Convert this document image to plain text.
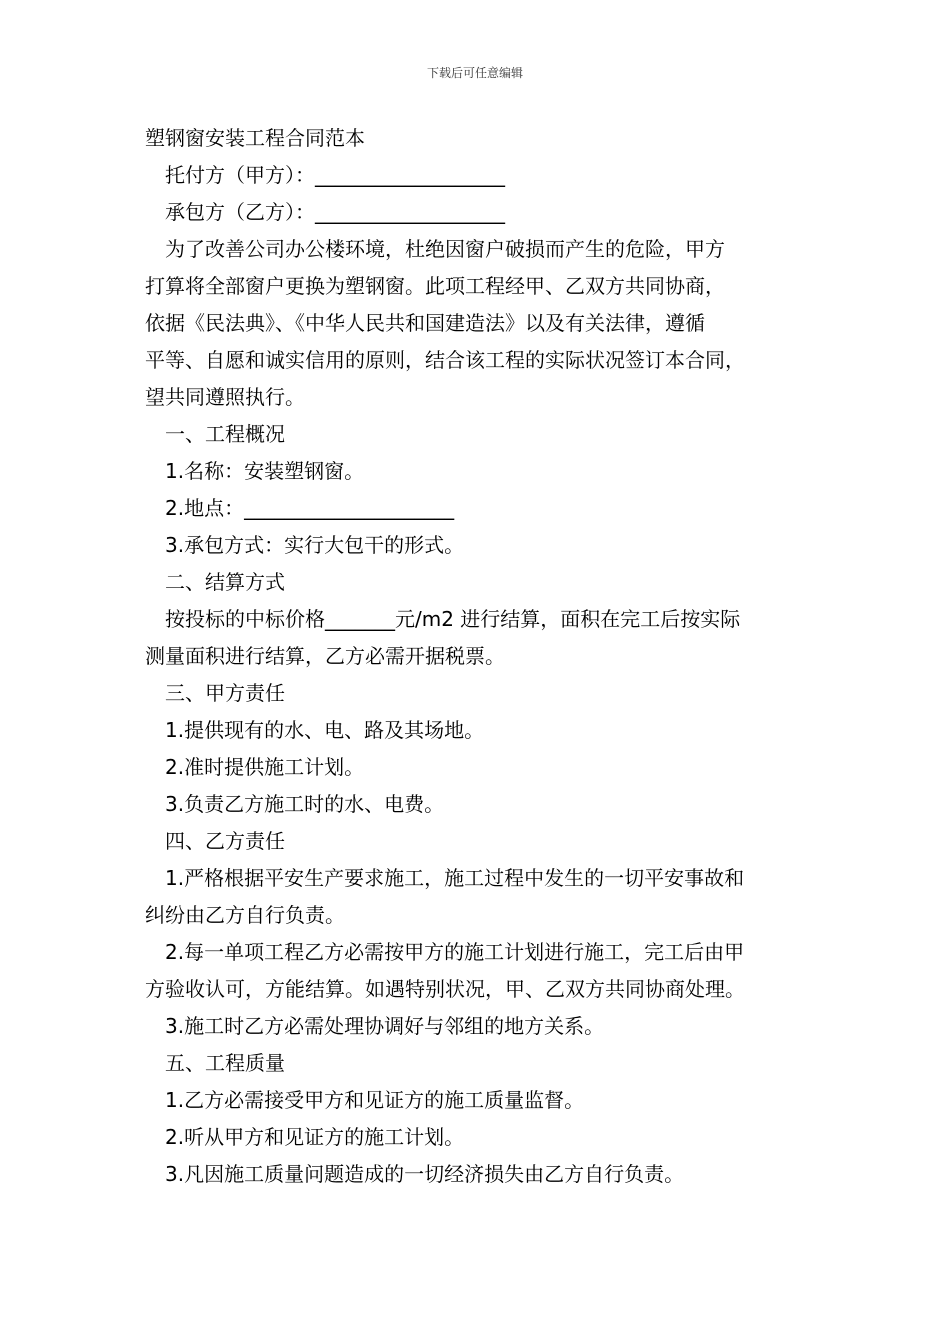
下载后可任意编辑
塑钢窗安装工程合同范本
托付方（甲方）：___________________
承包方（乙方）：___________________
为了改善公司办公楼环境，杜绝因窗户破损而产生的危险，甲方
打算将全部窗户更换为塑钢窗。此项工程经甲、乙双方共同协商，
依据《民法典》、《中华人民共和国建造法》以及有关法律，遵循
平等、自愿和诚实信用的原则，结合该工程的实际状况签订本合同，
望共同遵照执行。
一、工程概况
1.名称：安装塑钢窗。
2.地点：_____________________
3.承包方式：实行大包干的形式。
二、结算方式
按投标的中标价格_______元/m2 进行结算，面积在完工后按实际
测量面积进行结算，乙方必需开据税票。
三、甲方责任
1.提供现有的水、电、路及其场地。
2.准时提供施工计划。
3.负责乙方施工时的水、电费。
四、乙方责任
1.严格根据平安生产要求施工，施工过程中发生的一切平安事故和
纠纷由乙方自行负责。
2.每一单项工程乙方必需按甲方的施工计划进行施工，完工后由甲
方验收认可，方能结算。如遇特别状况，甲、乙双方共同协商处理。
3.施工时乙方必需处理协调好与邻组的地方关系。
五、工程质量
1.乙方必需接受甲方和见证方的施工质量监督。
2.听从甲方和见证方的施工计划。
3.凡因施工质量问题造成的一切经济损失由乙方自行负责。
